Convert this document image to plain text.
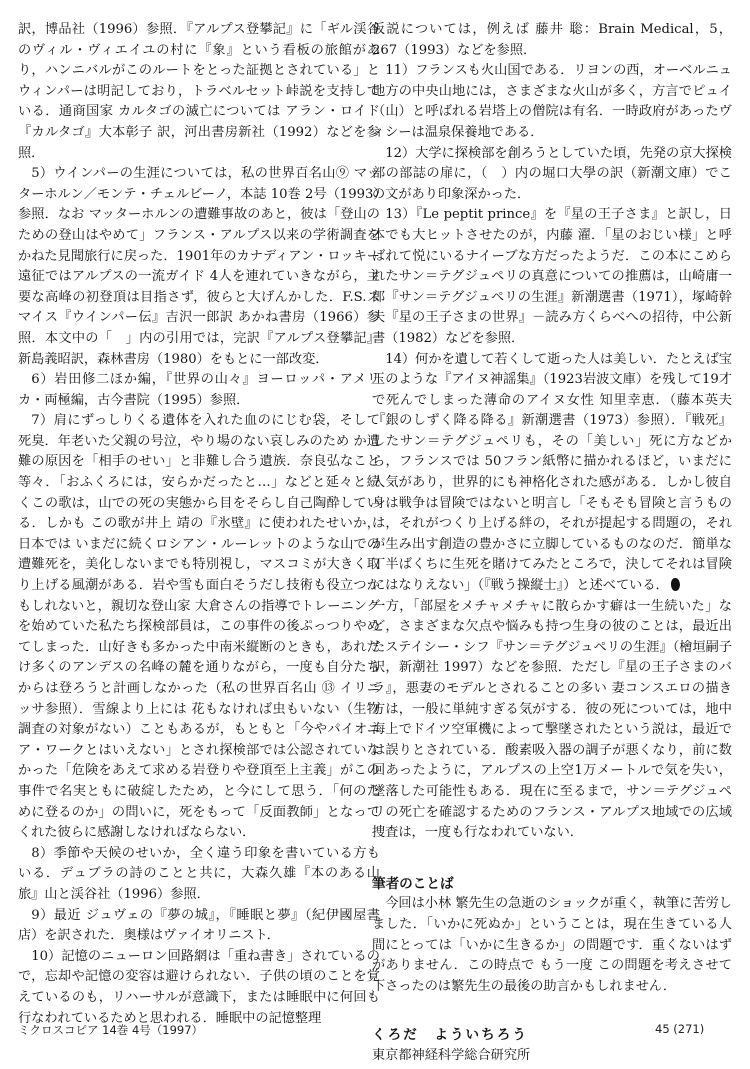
訳，博品社（1996）参照．『アルプス登攀記』に「ギル渓谷のヴィル・ヴィエイユの村に『象』という看板の旅館があり，ハンニバルがこのルートをとった証拠とされている」とウィンパーは明記しており，トラベルセット峠説を支持している．通商国家 カルタゴの滅亡については アラン・ロイド『カルタゴ』大本彰子 訳，河出書房新社（1992）などを参照．

5）ウインパーの生涯については，私の世界百名山⑨ マッターホルン／モンテ・チェルビーノ，本誌 10巻 2号（1993）参照．なお マッターホルンの遭難事故のあと，彼は「登山のための登山はやめて」フランス・アルプス以来の学術調査をかねた見聞旅行に戻った．1901年のカナディアン・ロッキー遠征ではアルプスの一流ガイド 4人を連れていきながら，主要な高峰の初登頂は目指さず，彼らと大げんかした．F.S.スマイス『ウインパー伝』吉沢一郎訳 あかね書房（1966）参照．本文中の「　」内の引用では，完訳『アルプス登攀記』新島義昭訳，森林書房（1980）をもとに一部改変．

6）岩田修二ほか編，『世界の山々』ヨーロッパ・アメリカ・両極編，古今書院（1995）参照．

7）肩にずっしりくる遺体を入れた血のにじむ袋，そして死臭．年老いた父親の号泣，やり場のない哀しみのため か遭難の原因を「相手のせい」と非難し合う遺族．奈良弘なこと等々．「おふくろには，安らかだったと…」などと延々と続くこの歌は，山での死の実態から目をそらし自己陶酔している．しかも この歌が井上 靖の『氷壁』に使われたせいか，日本では いまだに続くロシアン・ルーレットのような山での遭難死を，美化しないまでも特別視し，マスコミが大きく取り上げる風潮がある．岩や雪も面白そうだし技術も役立つかもしれないと，親切な登山家 大倉さんの指導でトレーニングを始めていた私たち探検部員は，この事件の後ぷっつりやめてしまった．山好きも多かった中南米縦断のときも，あれだけ多くのアンデスの名峰の麓を通りながら，一度も自分たちからは登ろうと計画しなかった（私の世界百名山 ⑬ イリニッサ参照）．雪線より上には 花もなければ虫もいない（生物調査の対象がない）こともあるが，もともと「今やパイオニア・ワークとはいえない」とされ探検部では公認されていなかった「危険をあえて求める岩登りや登頂至上主義」がこの事件で名実ともに破綻したため，と今にして思う．「何のために登るのか」の問いに，死をもって「反面教師」となってくれた彼らに感謝しなければならない．

8）季節や天候のせいか，全く違う印象を書いている方もいる．デュブラの詩のことと共に，大森久雄『本のある山旅』山と渓谷社（1996）参照．

9）最近 ジュヴェの『夢の城』，『睡眠と夢』（紀伊國屋書店）を訳された．奥様はヴァイオリニスト．

10）記憶のニューロン回路網は「重ね書き」されているので，忘却や記憶の変容は避けられない．子供の頃のことを覚えているのも，リハーサルが意識下，または睡眠中に何回も行なわれているためと思われる．睡眠中の記憶整理

仮説については，例えば 藤井 聡：Brain Medical，5，267（1993）などを参照．

11）フランスも火山国である．リヨンの西，オーベルニュ地方の中央山地には，さまざまな火山が多く，方言でピュイ（山）と呼ばれる岩塔上の僧院は有名．一時政府があったヴィシーは温泉保養地である．

12）大学に探検部を創ろうとしていた頃，先発の京大探検部の部誌の扉に，（　）内の堀口大學の訳（新潮文庫）でこの文があり印象深かった．

13）『Le peptit prince』を『星の王子さま』と訳し，日本でも大ヒットさせたのが，内藤 濯．「星のおじい様」と呼ばれて悦にいるナイーブな方だったようだ．この本にこめられたサン＝テグジュペリの真意についての推薦は，山崎庸一郎『サン＝テグジュペリの生涯』新潮選書（1971），塚崎幹夫『星の王子さまの世界』－読み方くらべへの招待，中公新書（1982）などを参照．

14）何かを遺して若くして逝った人は美しい．たとえば宝玉のような『アイヌ神謡集』（1923岩波文庫）を残して19才で死んでしまった薄命のアイヌ女性 知里幸恵．（藤本英夫『銀のしずく降る降る』新潮選書（1973）参照）．『戦死』したサン＝テグジュペリも，その「美しい」死に方などから，フランスでは 50フラン紙幣に描かれるほど，いまだに人気があり，世界的にも神格化された感がある．しかし彼自身は戦争は冒険ではないと明言し「そもそも冒険と言うものは，それがつくり上げる絆の，それが提起する問題の，それが生み出す創造の豊かさに立脚しているものなのだ．簡単な丁半ばくちに生死を賭けてみたところで，決してそれは冒険にはなりえない」（『戦う操縦士』）と述べている．

一方，「部屋をメチャメチャに散らかす癖は一生続いた」など，さまざまな欠点や悩みも持つ生身の彼のことは，最近出たステイシー・シフ『サン＝テグジュペリの生涯』（檜垣嗣子訳，新潮社 1997）などを参照．ただし『星の王子さまのバラ』，悪妻のモデルとされることの多い 妻コンスエロの描き方は，一般に単純すぎる気がする．彼の死については，地中海上でドイツ空軍機によって撃墜されたという説は，最近では誤りとされている．酸素吸入器の調子が悪くなり，前に数回あったように，アルプスの上空1万メートルで気を失い，墜落した可能性もある．現在に至るまで，サン＝テグジュペリの死亡を確認するためのフランス・アルプス地域での広域捜査は，一度も行なわれていない．

筆者のことば

今回は小林 繁先生の急逝のショックが重く，執筆に苦労しました．「いかに死ぬか」ということは，現在生きている人間にとっては「いかに生きるか」の問題です．重くないはずがありません．この時点で もう一度 この問題を考えさせて下さったのは繁先生の最後の助言かもしれません．

くろだ　よういちろう
東京都神経科学総合研究所
ミクロスコピア 14巻 4号（1997）	45 (271)
